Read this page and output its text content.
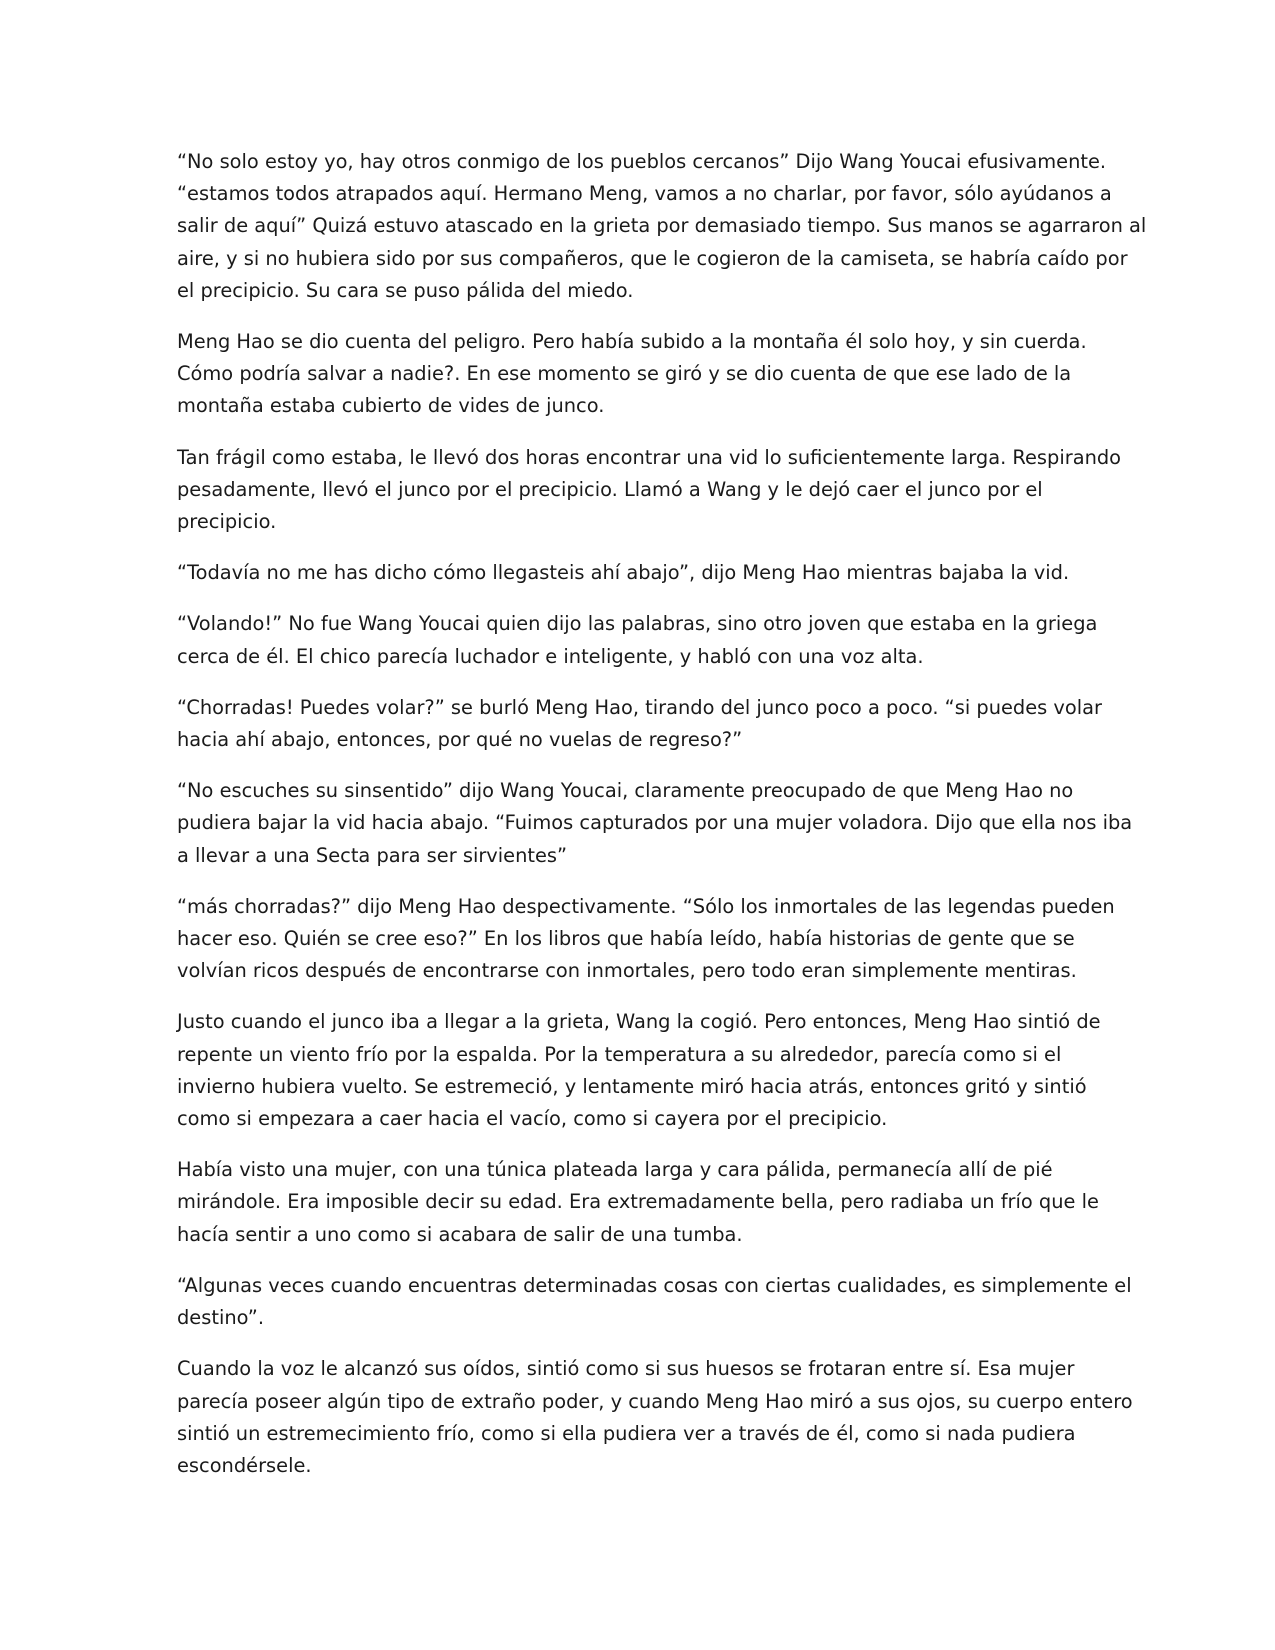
“No solo estoy yo, hay otros conmigo de los pueblos cercanos” Dijo Wang Youcai efusivamente.
“estamos todos atrapados aquí. Hermano Meng, vamos a no charlar, por favor, sólo ayúdanos a
salir de aquí” Quizá estuvo atascado en la grieta por demasiado tiempo. Sus manos se agarraron al
aire, y si no hubiera sido por sus compañeros, que le cogieron de la camiseta, se habría caído por
el precipicio. Su cara se puso pálida del miedo.

Meng Hao se dio cuenta del peligro. Pero había subido a la montaña él solo hoy, y sin cuerda.
Cómo podría salvar a nadie?. En ese momento se giró y se dio cuenta de que ese lado de la
montaña estaba cubierto de vides de junco.

Tan frágil como estaba, le llevó dos horas encontrar una vid lo suficientemente larga. Respirando
pesadamente, llevó el junco por el precipicio. Llamó a Wang y le dejó caer el junco por el
precipicio.

“Todavía no me has dicho cómo llegasteis ahí abajo”, dijo Meng Hao mientras bajaba la vid.

“Volando!” No fue Wang Youcai quien dijo las palabras, sino otro joven que estaba en la griega
cerca de él. El chico parecía luchador e inteligente, y habló con una voz alta.

“Chorradas! Puedes volar?” se burló Meng Hao, tirando del junco poco a poco. “si puedes volar
hacia ahí abajo, entonces, por qué no vuelas de regreso?”

“No escuches su sinsentido” dijo Wang Youcai, claramente preocupado de que Meng Hao no
pudiera bajar la vid hacia abajo. “Fuimos capturados por una mujer voladora. Dijo que ella nos iba
a llevar a una Secta para ser sirvientes”

“más chorradas?” dijo Meng Hao despectivamente. “Sólo los inmortales de las legendas pueden
hacer eso. Quién se cree eso?” En los libros que había leído, había historias de gente que se
volvían ricos después de encontrarse con inmortales, pero todo eran simplemente mentiras.

Justo cuando el junco iba a llegar a la grieta, Wang la cogió. Pero entonces, Meng Hao sintió de
repente un viento frío por la espalda. Por la temperatura a su alrededor, parecía como si el
invierno hubiera vuelto. Se estremeció, y lentamente miró hacia atrás, entonces gritó y sintió
como si empezara a caer hacia el vacío, como si cayera por el precipicio.

Había visto una mujer, con una túnica plateada larga y cara pálida, permanecía allí de pié
mirándole. Era imposible decir su edad. Era extremadamente bella, pero radiaba un frío que le
hacía sentir a uno como si acabara de salir de una tumba.

“Algunas veces cuando encuentras determinadas cosas con ciertas cualidades, es simplemente el
destino”.

Cuando la voz le alcanzó sus oídos, sintió como si sus huesos se frotaran entre sí. Esa mujer
parecía poseer algún tipo de extraño poder, y cuando Meng Hao miró a sus ojos, su cuerpo entero
sintió un estremecimiento frío, como si ella pudiera ver a través de él, como si nada pudiera
escondérsele.
